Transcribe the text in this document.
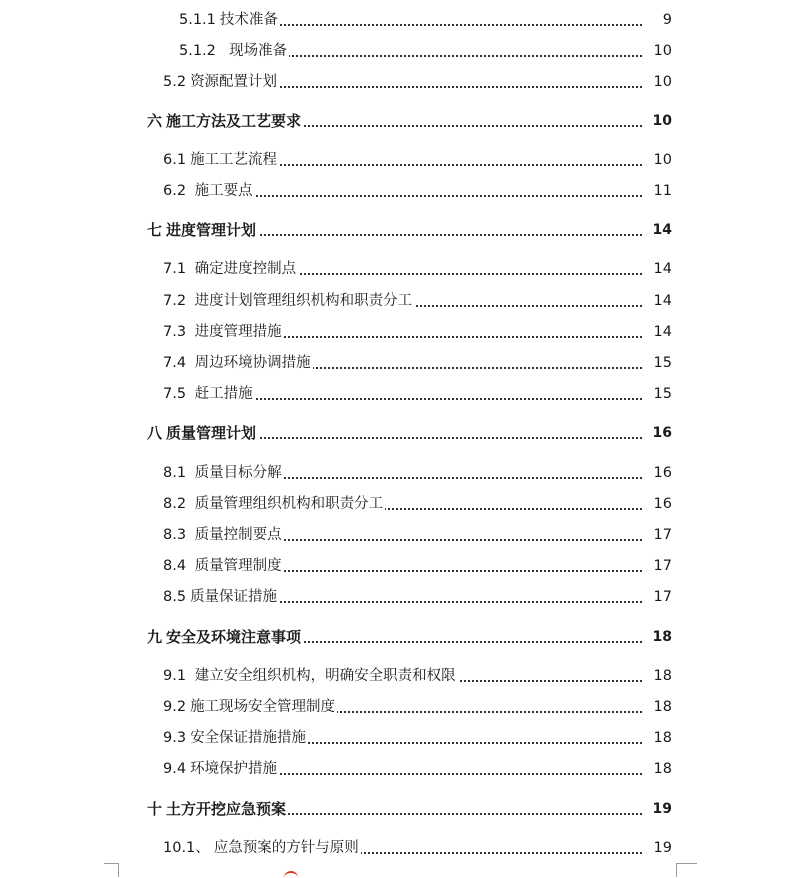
5.1.1 技术准备	9
5.1.2  现场准备	10
5.2 资源配置计划	10
六 施工方法及工艺要求	10
6.1 施工工艺流程	10
6.2 施工要点	11
七 进度管理计划	14
7.1 确定进度控制点	14
7.2 进度计划管理组织机构和职责分工	14
7.3 进度管理措施	14
7.4 周边环境协调措施	15
7.5 赶工措施	15
八 质量管理计划	16
8.1 质量目标分解	16
8.2 质量管理组织机构和职责分工	16
8.3 质量控制要点	17
8.4 质量管理制度	17
8.5 质量保证措施	17
九 安全及环境注意事项	18
9.1 建立安全组织机构，明确安全职责和权限	18
9.2 施工现场安全管理制度	18
9.3 安全保证措施措施	18
9.4 环境保护措施	18
十 土方开挖应急预案	19
10.1、 应急预案的方针与原则	19
